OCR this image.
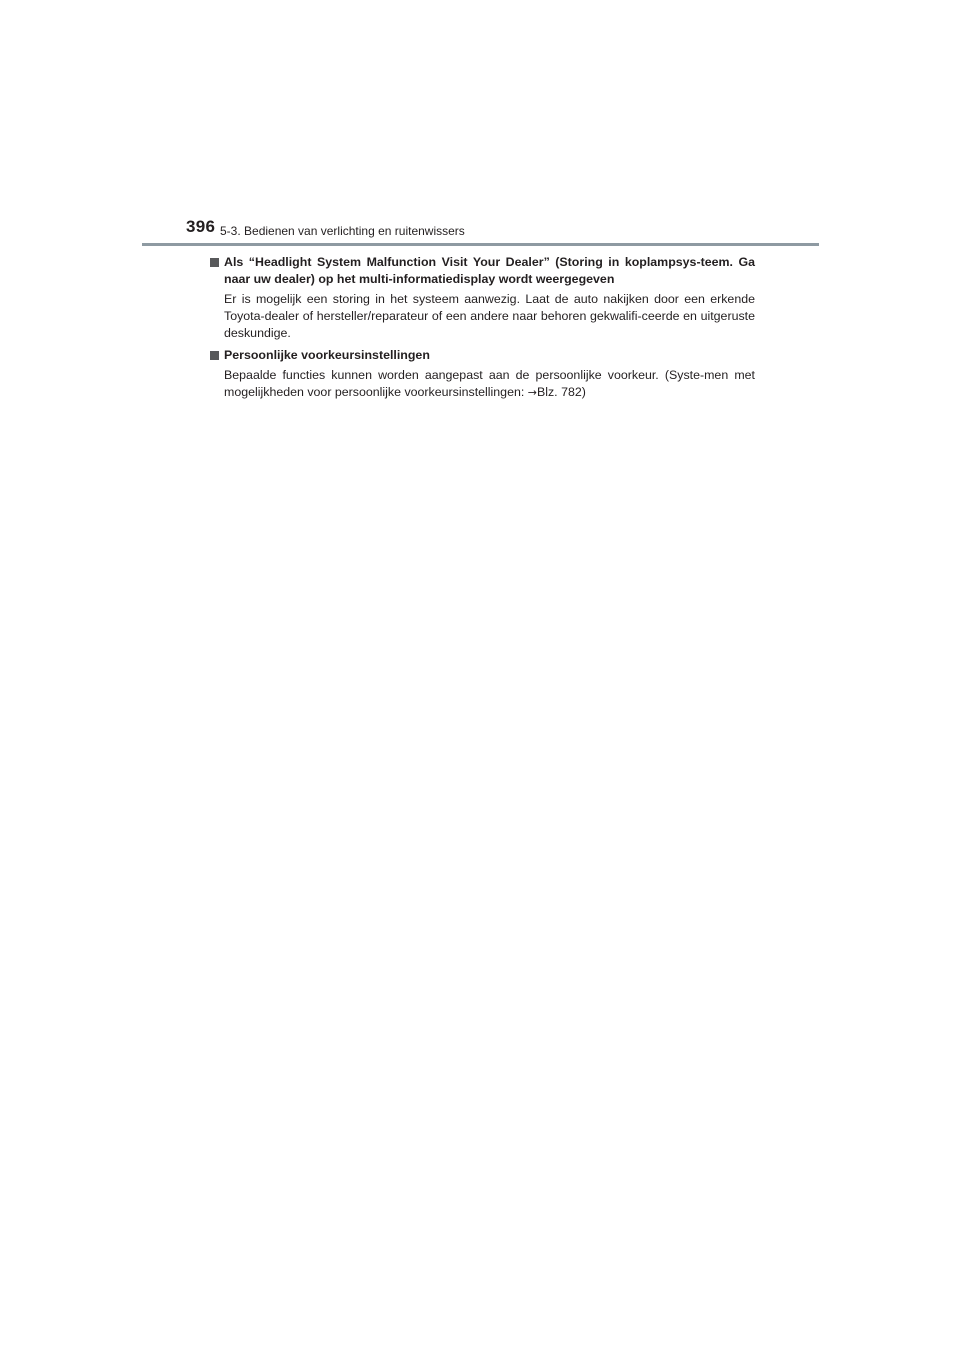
396 5-3. Bedienen van verlichting en ruitenwissers

Als “Headlight System Malfunction Visit Your Dealer” (Storing in koplampsys-teem. Ga naar uw dealer) op het multi-informatiedisplay wordt weergegeven

Er is mogelijk een storing in het systeem aanwezig. Laat de auto nakijken door een erkende Toyota-dealer of hersteller/reparateur of een andere naar behoren gekwalifi-ceerde en uitgeruste deskundige.

Persoonlijke voorkeursinstellingen

Bepaalde functies kunnen worden aangepast aan de persoonlijke voorkeur. (Syste-men met mogelijkheden voor persoonlijke voorkeursinstellingen: →Blz. 782)
